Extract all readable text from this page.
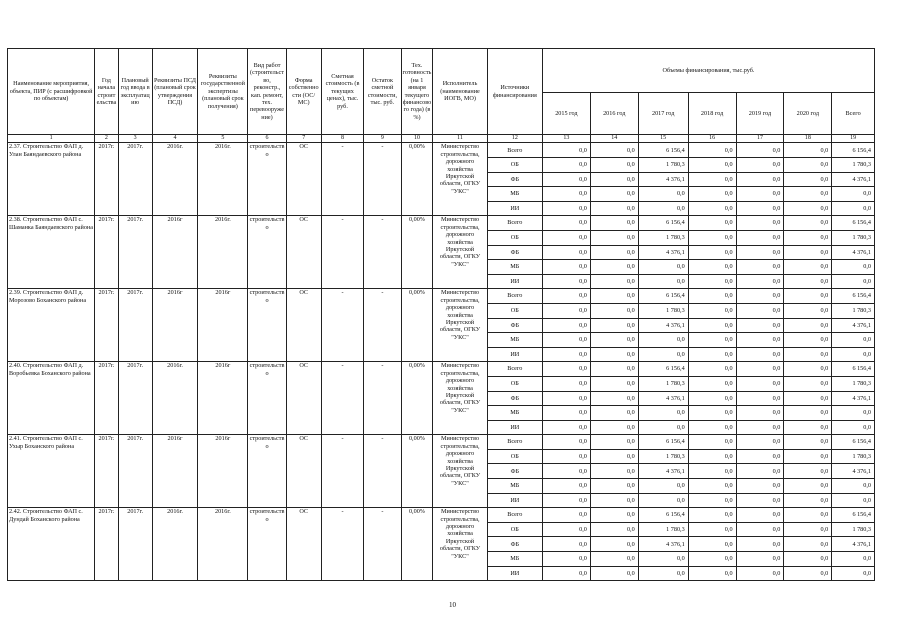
Наименование мероприятия, объекта, ПИР (с расшифровкой по объектам)	Год начала строительства	Плановый год ввода в эксплуатацию	Реквизиты ПСД (плановый срок утверждения ПСД)	Реквизиты государственной экспертизы (плановый срок получения)	Вид работ (строительство, реконстр., кап. ремонт, тех. перевооружение)	Форма собственности (ОС/МС)	Сметная стоимость (в текущих ценах), тыс. руб.	Остаток сметной стоимости, тыс. руб.	Тех. готовность (на 1 января текущего финансового года) (в %)	Исполнитель (наименование ИОГВ, МО)	Источники финансирования	Объемы финансирования, тыс.руб.						
												2015 год	2016 год	2017 год	2018 год	2019 год	2020 год	Всего
1	2	3	4	5	6	7	8	9	10	11	12	13	14	15	16	17	18	19
2.37. Строительство ФАП д. Улан Баяндаевского района	2017г.	2017г.	2016г.	2016г.	строительство	ОС	-	-	0,00%	Министерство строительства, дорожного хозяйства Иркутской области, ОГКУ "УКС"	Всего	0,0	0,0	6 156,4	0,0	0,0	0,0	6 156,4
											ОБ	0,0	0,0	1 780,3	0,0	0,0	0,0	1 780,3
											ФБ	0,0	0,0	4 376,1	0,0	0,0	0,0	4 376,1
											МБ	0,0	0,0	0,0	0,0	0,0	0,0	0,0
											ИИ	0,0	0,0	0,0	0,0	0,0	0,0	0,0
2.38. Строительство ФАП с. Шаманка Баяндаевского района	2017г.	2017г.	2016г	2016г.	строительство	ОС	-	-	0,00%	Министерство строительства, дорожного хозяйства Иркутской области, ОГКУ "УКС"	Всего	0,0	0,0	6 156,4	0,0	0,0	0,0	6 156,4
											ОБ	0,0	0,0	1 780,3	0,0	0,0	0,0	1 780,3
											ФБ	0,0	0,0	4 376,1	0,0	0,0	0,0	4 376,1
											МБ	0,0	0,0	0,0	0,0	0,0	0,0	0,0
											ИИ	0,0	0,0	0,0	0,0	0,0	0,0	0,0
2.39. Строительство ФАП д. Морозово Боханского района	2017г.	2017г.	2016г	2016г	строительство	ОС	-	-	0,00%	Министерство строительства, дорожного хозяйства Иркутской области, ОГКУ "УКС"	Всего	0,0	0,0	6 156,4	0,0	0,0	0,0	6 156,4
											ОБ	0,0	0,0	1 780,3	0,0	0,0	0,0	1 780,3
											ФБ	0,0	0,0	4 376,1	0,0	0,0	0,0	4 376,1
											МБ	0,0	0,0	0,0	0,0	0,0	0,0	0,0
											ИИ	0,0	0,0	0,0	0,0	0,0	0,0	0,0
2.40. Строительство ФАП д. Воробьевка Боханского района	2017г.	2017г.	2016г.	2016г	строительство	ОС	-	-	0,00%	Министерство строительства, дорожного хозяйства Иркутской области, ОГКУ "УКС"	Всего	0,0	0,0	6 156,4	0,0	0,0	0,0	6 156,4
											ОБ	0,0	0,0	1 780,3	0,0	0,0	0,0	1 780,3
											ФБ	0,0	0,0	4 376,1	0,0	0,0	0,0	4 376,1
											МБ	0,0	0,0	0,0	0,0	0,0	0,0	0,0
											ИИ	0,0	0,0	0,0	0,0	0,0	0,0	0,0
2.41. Строительство ФАП с. Ухыр Боханского района	2017г.	2017г.	2016г	2016г	строительство	ОС	-	-	0,00%	Министерство строительства, дорожного хозяйства Иркутской области, ОГКУ "УКС"	Всего	0,0	0,0	6 156,4	0,0	0,0	0,0	6 156,4
											ОБ	0,0	0,0	1 780,3	0,0	0,0	0,0	1 780,3
											ФБ	0,0	0,0	4 376,1	0,0	0,0	0,0	4 376,1
											МБ	0,0	0,0	0,0	0,0	0,0	0,0	0,0
											ИИ	0,0	0,0	0,0	0,0	0,0	0,0	0,0
2.42. Строительство ФАП с. Дундай Боханского района	2017г.	2017г.	2016г.	2016г.	строительство	ОС	-	-	0,00%	Министерство строительства, дорожного хозяйства Иркутской области, ОГКУ "УКС"	Всего	0,0	0,0	6 156,4	0,0	0,0	0,0	6 156,4
											ОБ	0,0	0,0	1 780,3	0,0	0,0	0,0	1 780,3
											ФБ	0,0	0,0	4 376,1	0,0	0,0	0,0	4 376,1
											МБ	0,0	0,0	0,0	0,0	0,0	0,0	0,0
											ИИ	0,0	0,0	0,0	0,0	0,0	0,0	0,0
10
